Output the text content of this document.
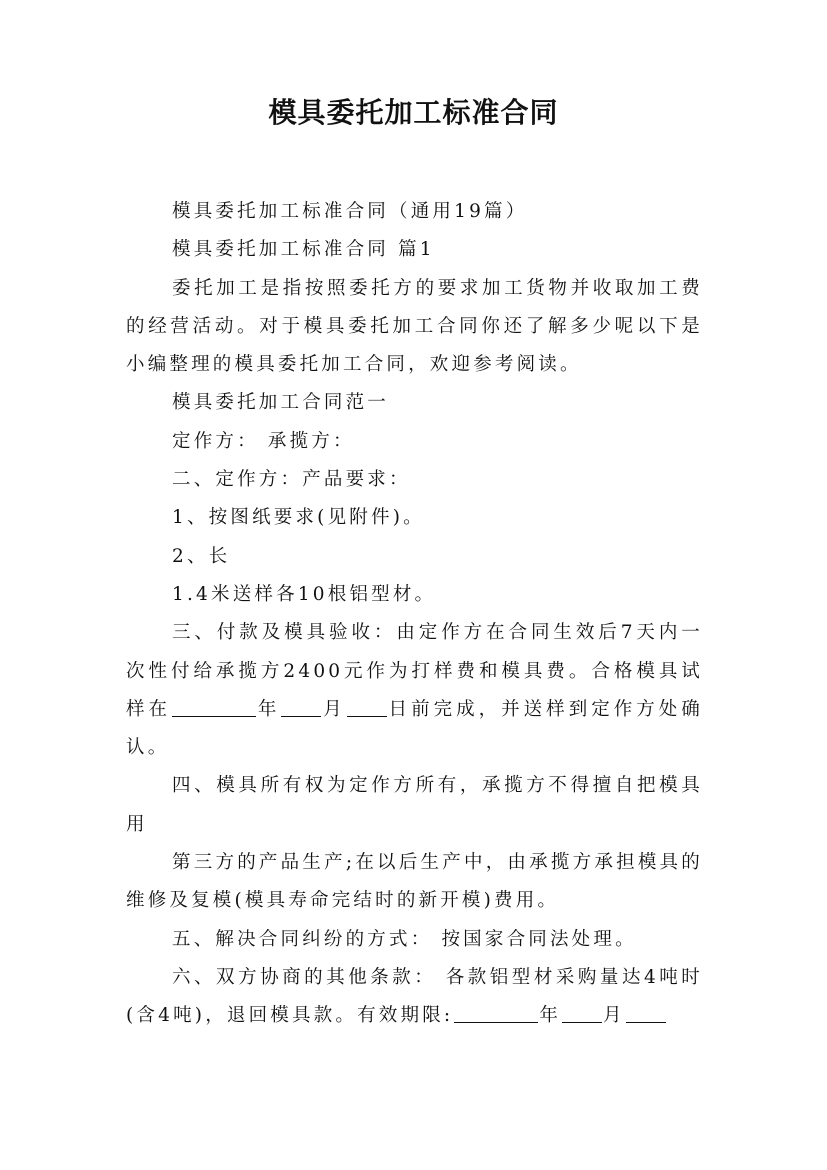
模具委托加工标准合同

模具委托加工标准合同（通用19篇）

模具委托加工标准合同 篇1

委托加工是指按照委托方的要求加工货物并收取加工费的经营活动。对于模具委托加工合同你还了解多少呢以下是小编整理的模具委托加工合同，欢迎参考阅读。

模具委托加工合同范一

定作方： 承揽方：

二、定作方：产品要求：

1、按图纸要求(见附件)。

2、长

1.4米送样各10根铝型材。

三、付款及模具验收：由定作方在合同生效后7天内一次性付给承揽方2400元作为打样费和模具费。合格模具试样在	年 月 日前完成，并送样到定作方处确认。

四、模具所有权为定作方所有，承揽方不得擅自把模具用

第三方的产品生产;在以后生产中，由承揽方承担模具的维修及复模(模具寿命完结时的新开模)费用。

五、解决合同纠纷的方式： 按国家合同法处理。

六、双方协商的其他条款： 各款铝型材采购量达4吨时(含4吨)，退回模具款。有效期限:	年 月
